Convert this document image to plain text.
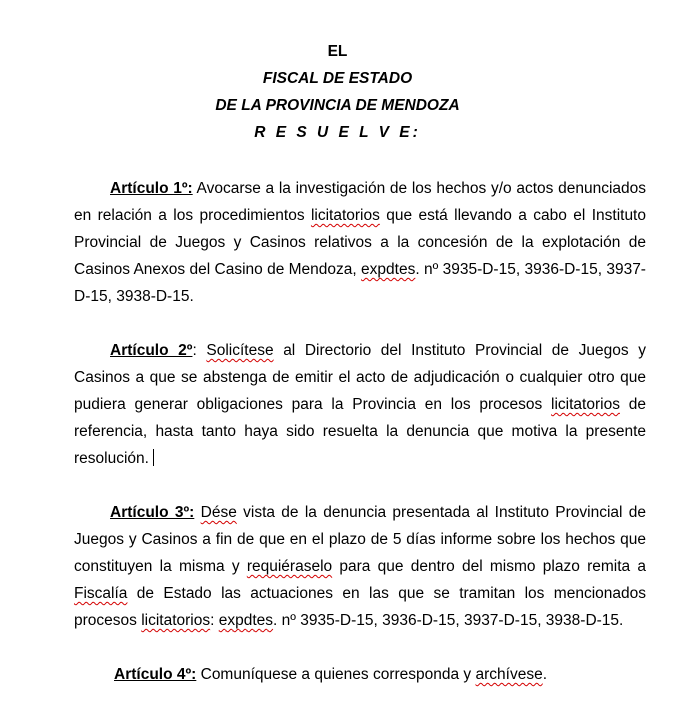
EL
FISCAL DE ESTADO
DE LA PROVINCIA DE MENDOZA
R E S U E L V E:

Artículo 1º: Avocarse a la investigación de los hechos y/o actos denunciados en relación a los procedimientos licitatorios que está llevando a cabo el Instituto Provincial de Juegos y Casinos relativos a la concesión de la explotación de Casinos Anexos del Casino de Mendoza, expdtes. nº 3935-D-15, 3936-D-15, 3937-D-15, 3938-D-15.

Artículo 2º: Solicítese al Directorio del Instituto Provincial de Juegos y Casinos a que se abstenga de emitir el acto de adjudicación o cualquier otro que pudiera generar obligaciones para la Provincia en los procesos licitatorios de referencia, hasta tanto haya sido resuelta la denuncia que motiva la presente resolución.

Artículo 3º: Dése vista de la denuncia presentada al Instituto Provincial de Juegos y Casinos a fin de que en el plazo de 5 días informe sobre los hechos que constituyen la misma y requiéraselo para que dentro del mismo plazo remita a Fiscalía de Estado las actuaciones en las que se tramitan los mencionados procesos licitatorios: expdtes. nº 3935-D-15, 3936-D-15, 3937-D-15, 3938-D-15.

Artículo 4º: Comuníquese a quienes corresponda y archívese.
